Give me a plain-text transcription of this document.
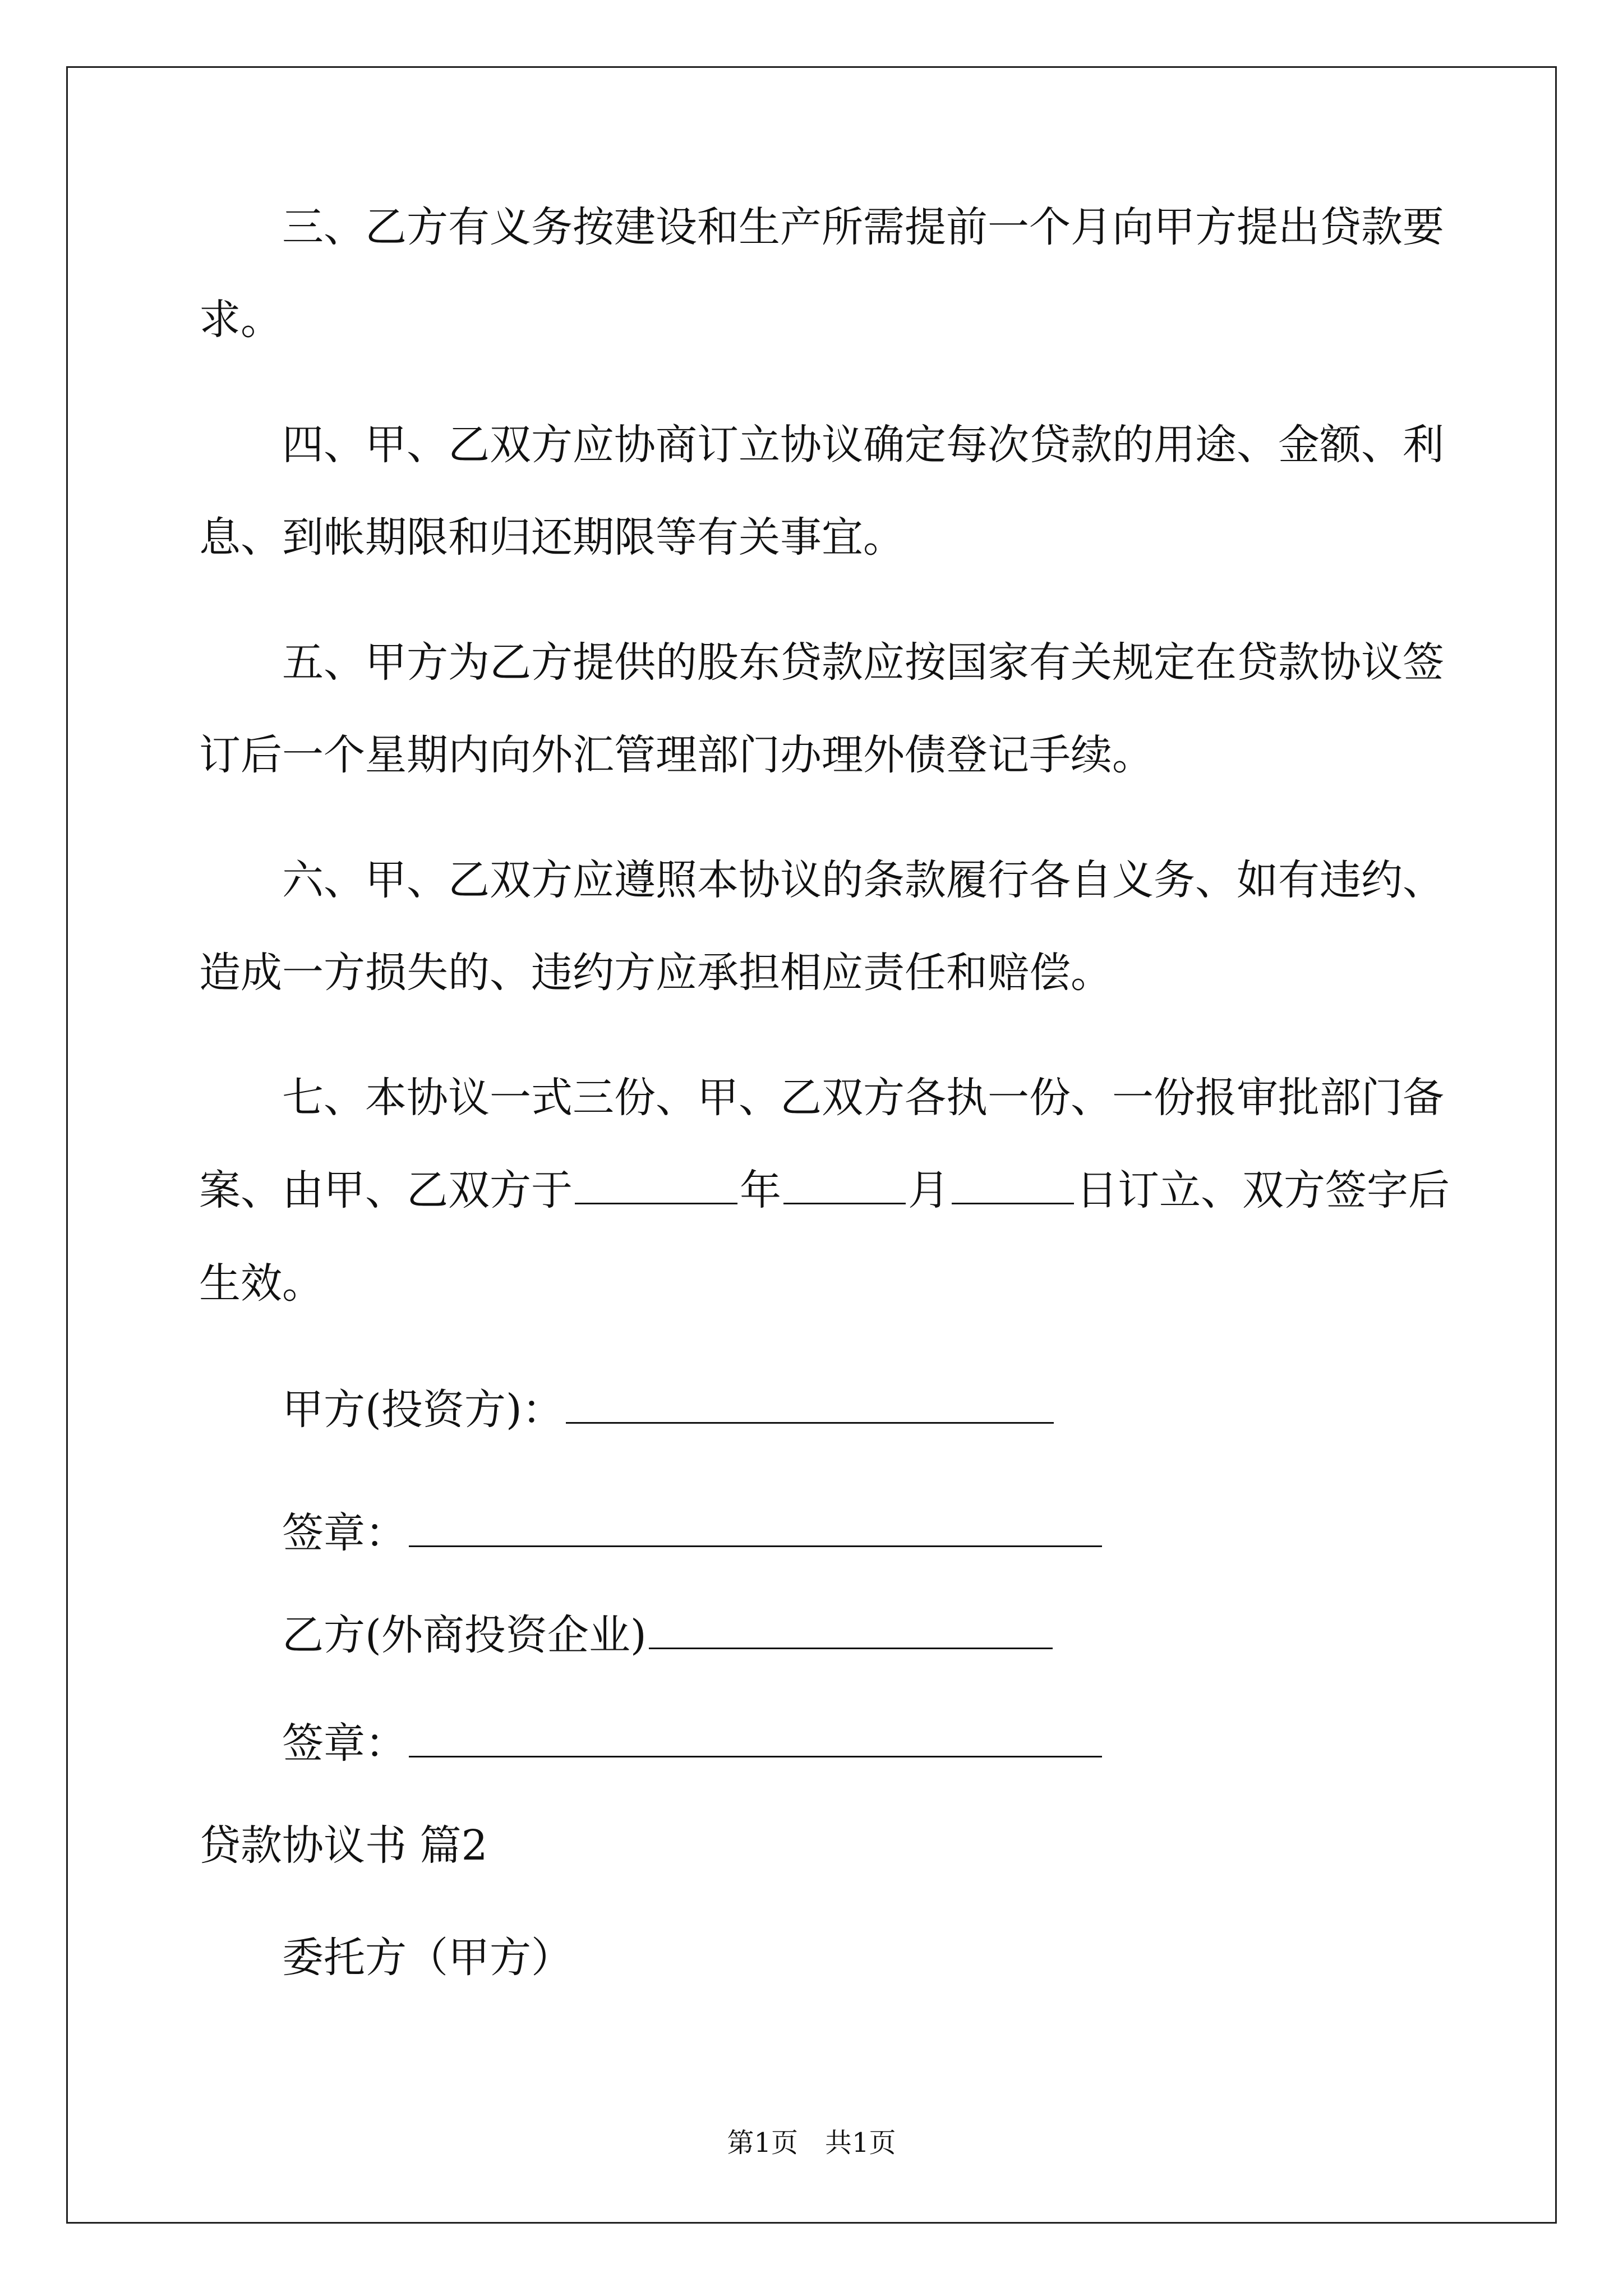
三、乙方有义务按建设和生产所需提前一个月向甲方提出贷款要
求。
四、甲、乙双方应协商订立协议确定每次贷款的用途、金额、利
息、到帐期限和归还期限等有关事宜。
五、甲方为乙方提供的股东贷款应按国家有关规定在贷款协议签
订后一个星期内向外汇管理部门办理外债登记手续。
六、甲、乙双方应遵照本协议的条款履行各自义务、如有违约、
造成一方损失的、违约方应承担相应责任和赔偿。
七、本协议一式三份、甲、乙双方各执一份、一份报审批部门备
案、由甲、乙双方于	年	月	日订立、双方签字后
生效。
甲方(投资方)：
签章：
乙方(外商投资企业)
签章：
贷款协议书 篇2
委托方（甲方）
第1页 共1页
